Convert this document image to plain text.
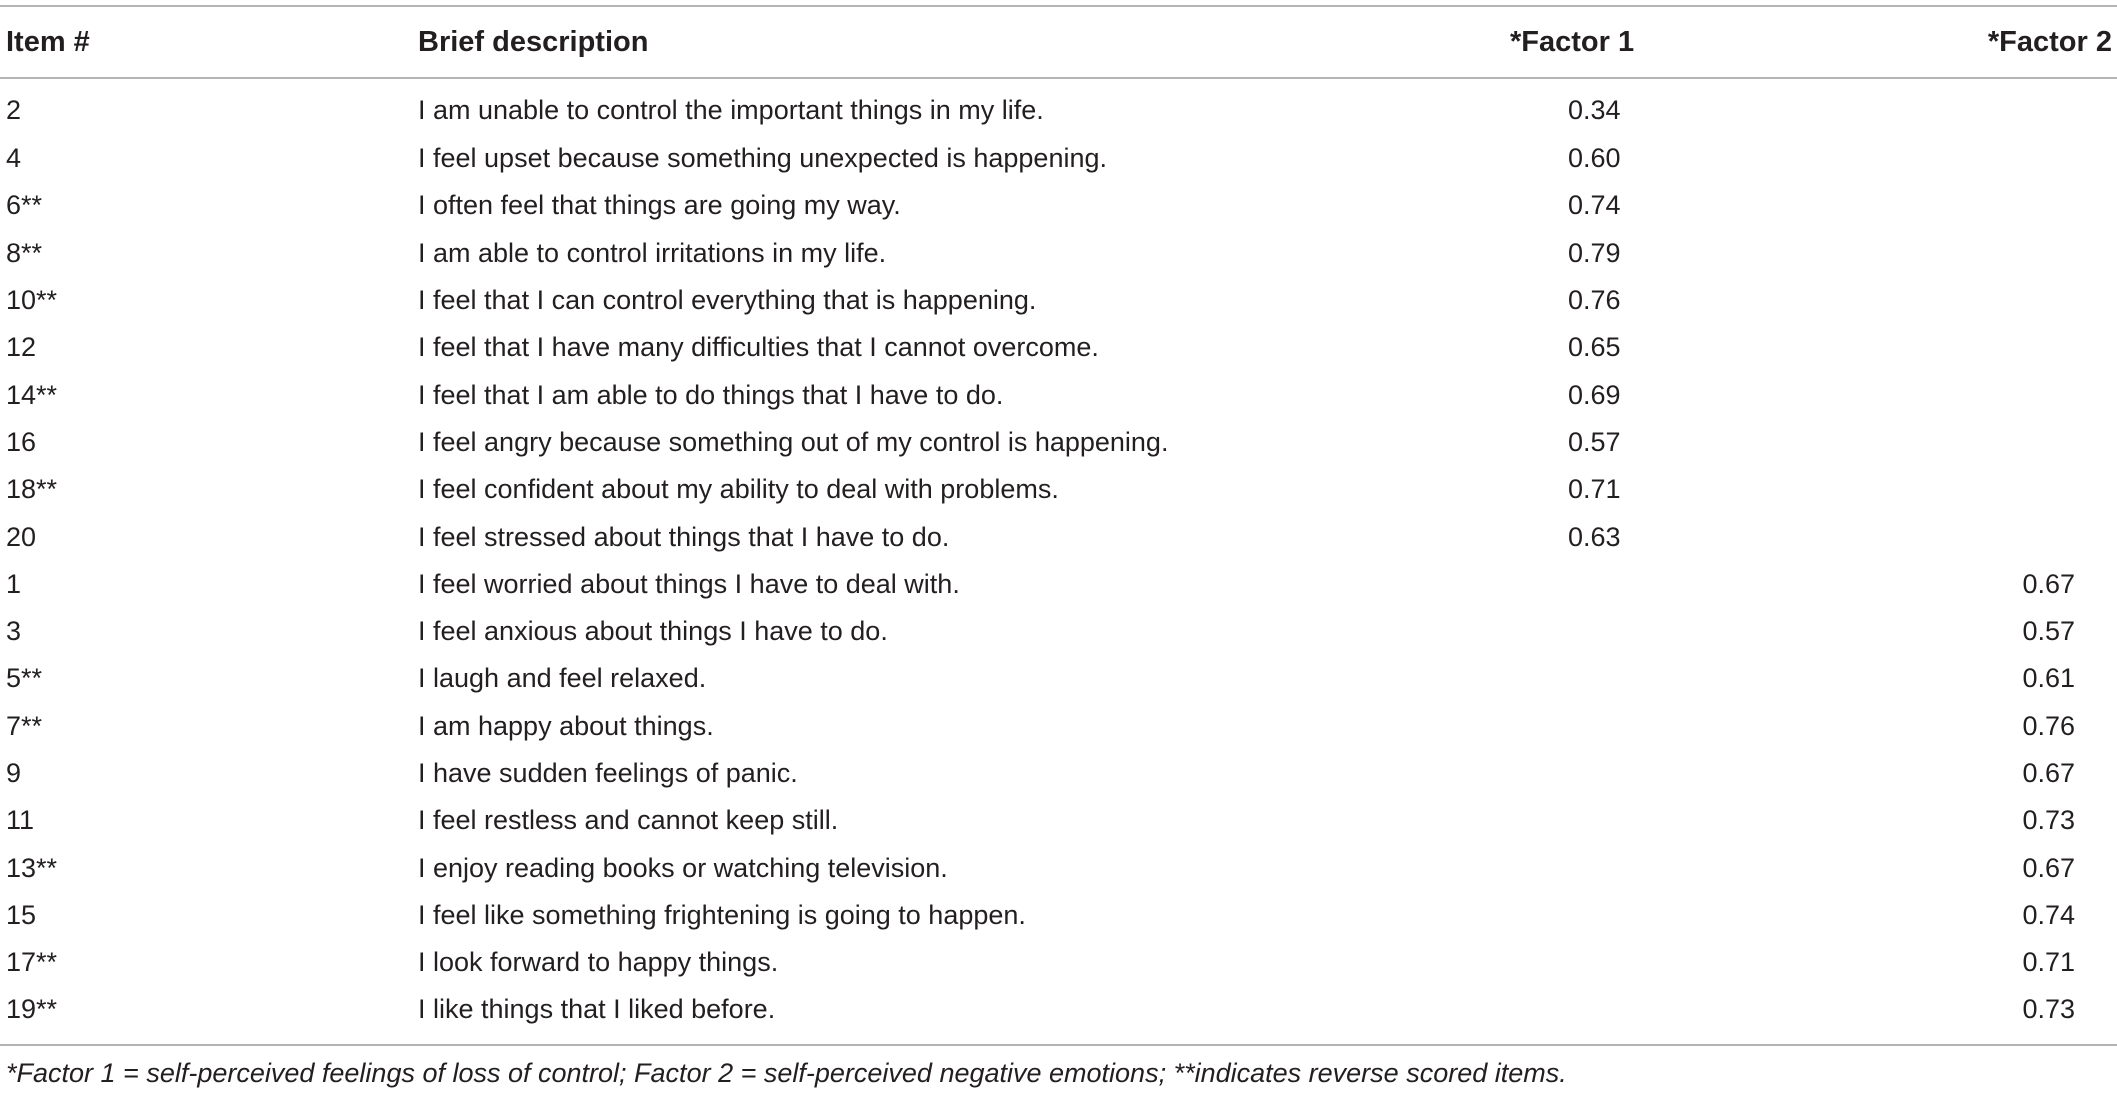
Item #	Brief description	*Factor 1	*Factor 2
2	I am unable to control the important things in my life.	0.34	
4	I feel upset because something unexpected is happening.	0.60	
6**	I often feel that things are going my way.	0.74	
8**	I am able to control irritations in my life.	0.79	
10**	I feel that I can control everything that is happening.	0.76	
12	I feel that I have many difficulties that I cannot overcome.	0.65	
14**	I feel that I am able to do things that I have to do.	0.69	
16	I feel angry because something out of my control is happening.	0.57	
18**	I feel confident about my ability to deal with problems.	0.71	
20	I feel stressed about things that I have to do.	0.63	
1	I feel worried about things I have to deal with.		0.67
3	I feel anxious about things I have to do.		0.57
5**	I laugh and feel relaxed.		0.61
7**	I am happy about things.		0.76
9	I have sudden feelings of panic.		0.67
11	I feel restless and cannot keep still.		0.73
13**	I enjoy reading books or watching television.		0.67
15	I feel like something frightening is going to happen.		0.74
17**	I look forward to happy things.		0.71
19**	I like things that I liked before.		0.73
*Factor 1 = self-perceived feelings of loss of control; Factor 2 = self-perceived negative emotions; **indicates reverse scored items.
